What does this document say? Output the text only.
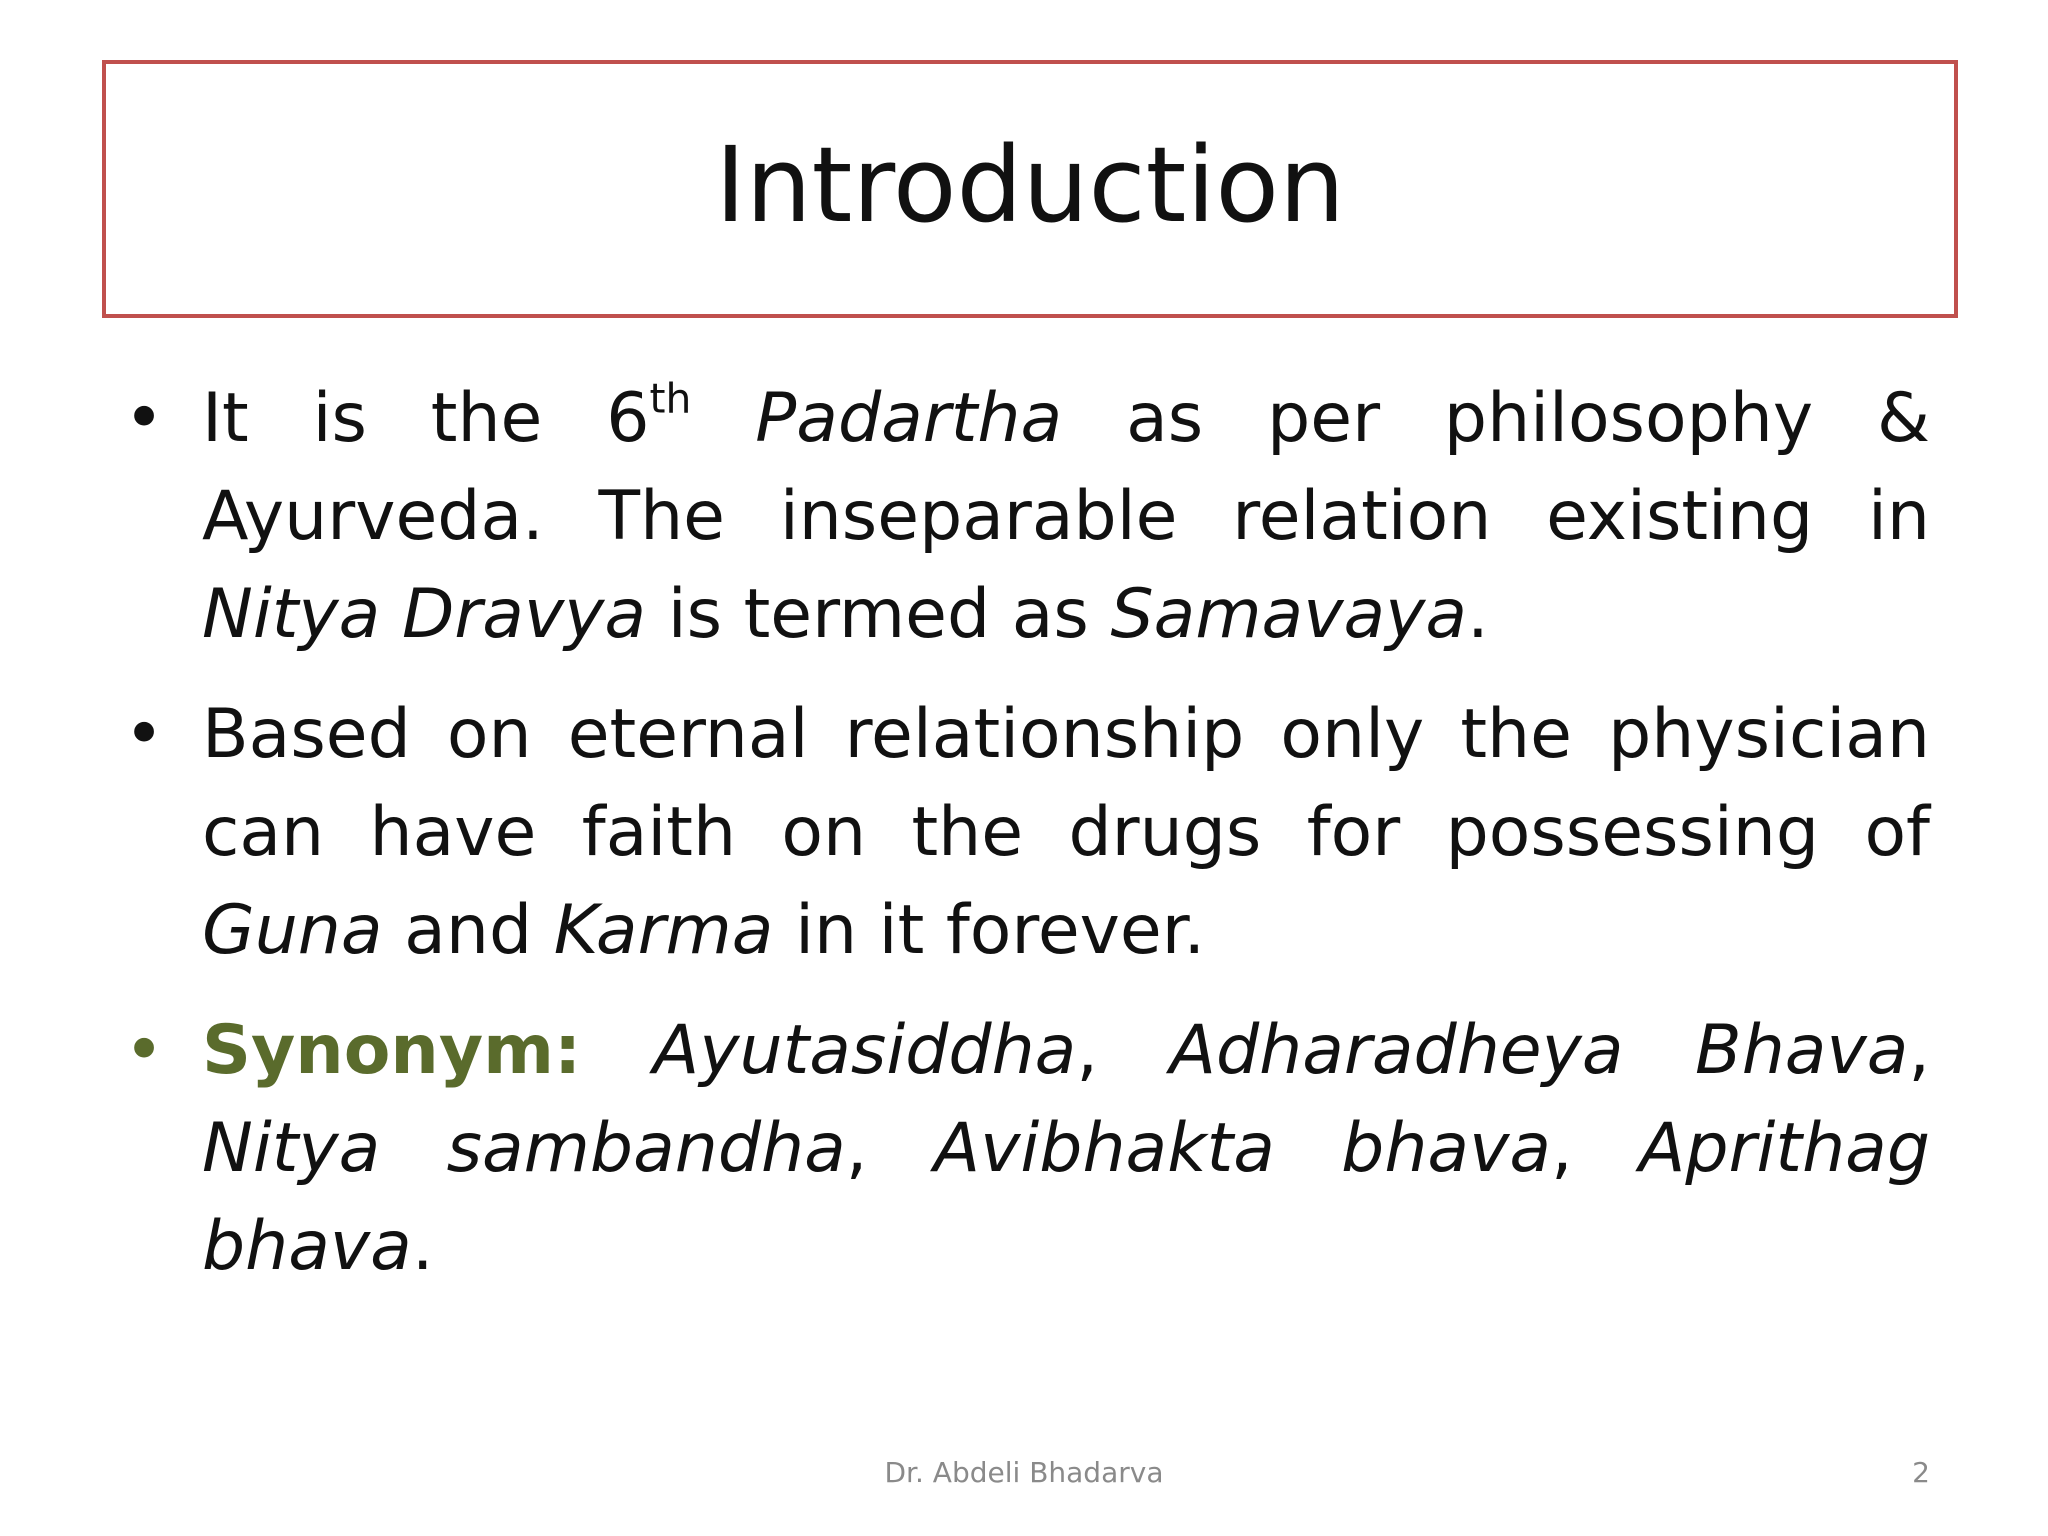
Introduction
• It is the 6th Padartha as per philosophy & Ayurveda. The inseparable relation existing in Nitya Dravya is termed as Samavaya.
• Based on eternal relationship only the physician can have faith on the drugs for possessing of Guna and Karma in it forever.
• Synonym: Ayutasiddha, Adharadheya Bhava, Nitya sambandha, Avibhakta bhava, Aprithag bhava.
Dr. Abdeli Bhadarva	2
